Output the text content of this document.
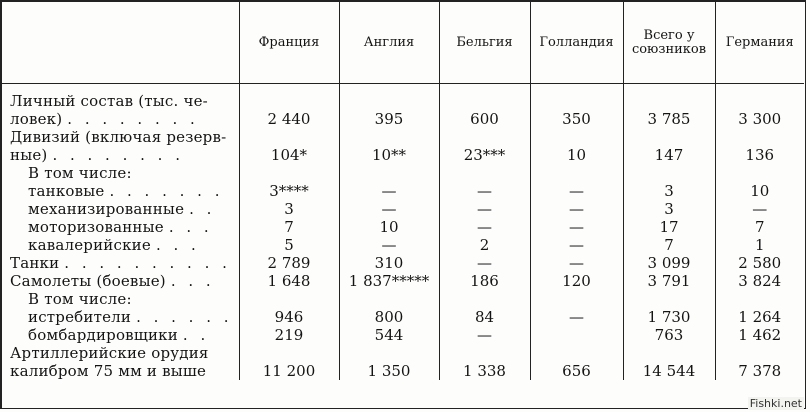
	Франция	Англия	Бельгия	Голландия	Всего у союзников	Германия

Личный состав (тыс. че-						
ловек) . . . . . . . .	2 440	395	600	350	3 785	3 300
Дивизий (включая резерв-						
ные) . . . . . . . .	104*	10**	23***	10	147	136
В том числе:						
танковые . . . . . . .	3****	—	—	—	3	10
механизированные . .	3	—	—	—	3	—
моторизованные . . .	7	10	—	—	17	7
кавалерийские . . .	5	—	2	—	7	1
Танки . . . . . . . . . .	2 789	310	—	—	3 099	2 580
Самолеты (боевые) . . .	1 648	1 837*****	186	120	3 791	3 824
В том числе:						
истребители . . . . . .	946	800	84	—	1 730	1 264
бомбардировщики . .	219	544	—		763	1 462
Артиллерийские орудия						
калибром 75 мм и выше	11 200	1 350	1 338	656	14 544	7 378
Fishki.net
